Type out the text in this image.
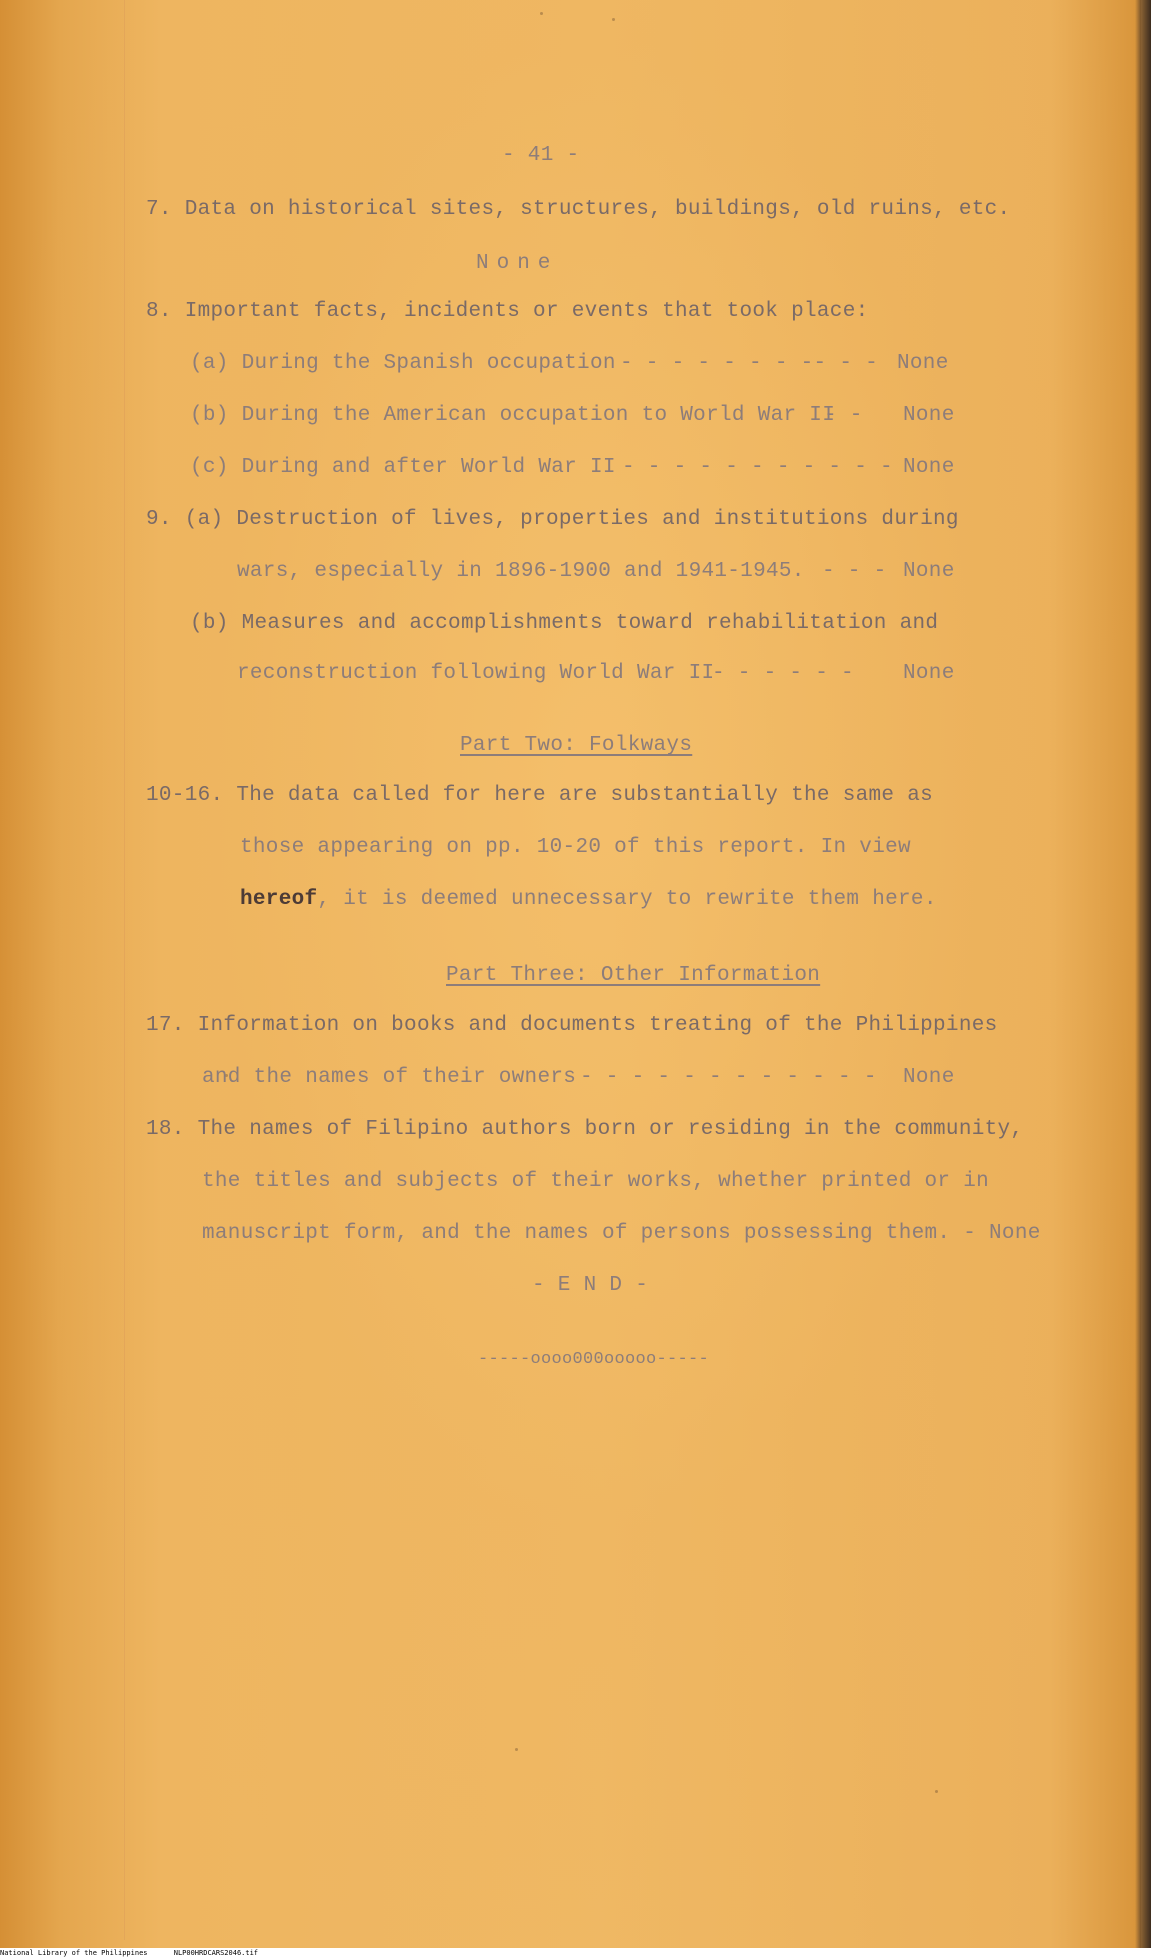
- 41 -

7. Data on historical sites, structures, buildings, old ruins, etc.

None

8. Important facts, incidents or events that took place:

(a) During the Spanish occupation - - - - - - - -- - - None

(b) During the American occupation to World War II

- - None

(c) During and after World War II - - - - - - - - - - - None

9. (a) Destruction of lives, properties and institutions during

wars, especially in 1896-1900 and 1941-1945. - - - None

(b) Measures and accomplishments toward rehabilitation and

reconstruction following World War II

- - - - - - None

Part Two: Folkways

10-16. The data called for here are substantially the same as

those appearing on pp. 10-20 of this report. In view

hereof, it is deemed unnecessary to rewrite them here.

Part Three: Other Information

17. Information on books and documents treating of the Philippines

and the names of their owners - - - - - - - - - - - - None

18. The names of Filipino authors born or residing in the community,

the titles and subjects of their works, whether printed or in

manuscript form, and the names of persons possessing them. - None

- E N D -

-----oooo000ooooo-----

National Library of the Philippines	NLP00HRDCARS2046.tif
